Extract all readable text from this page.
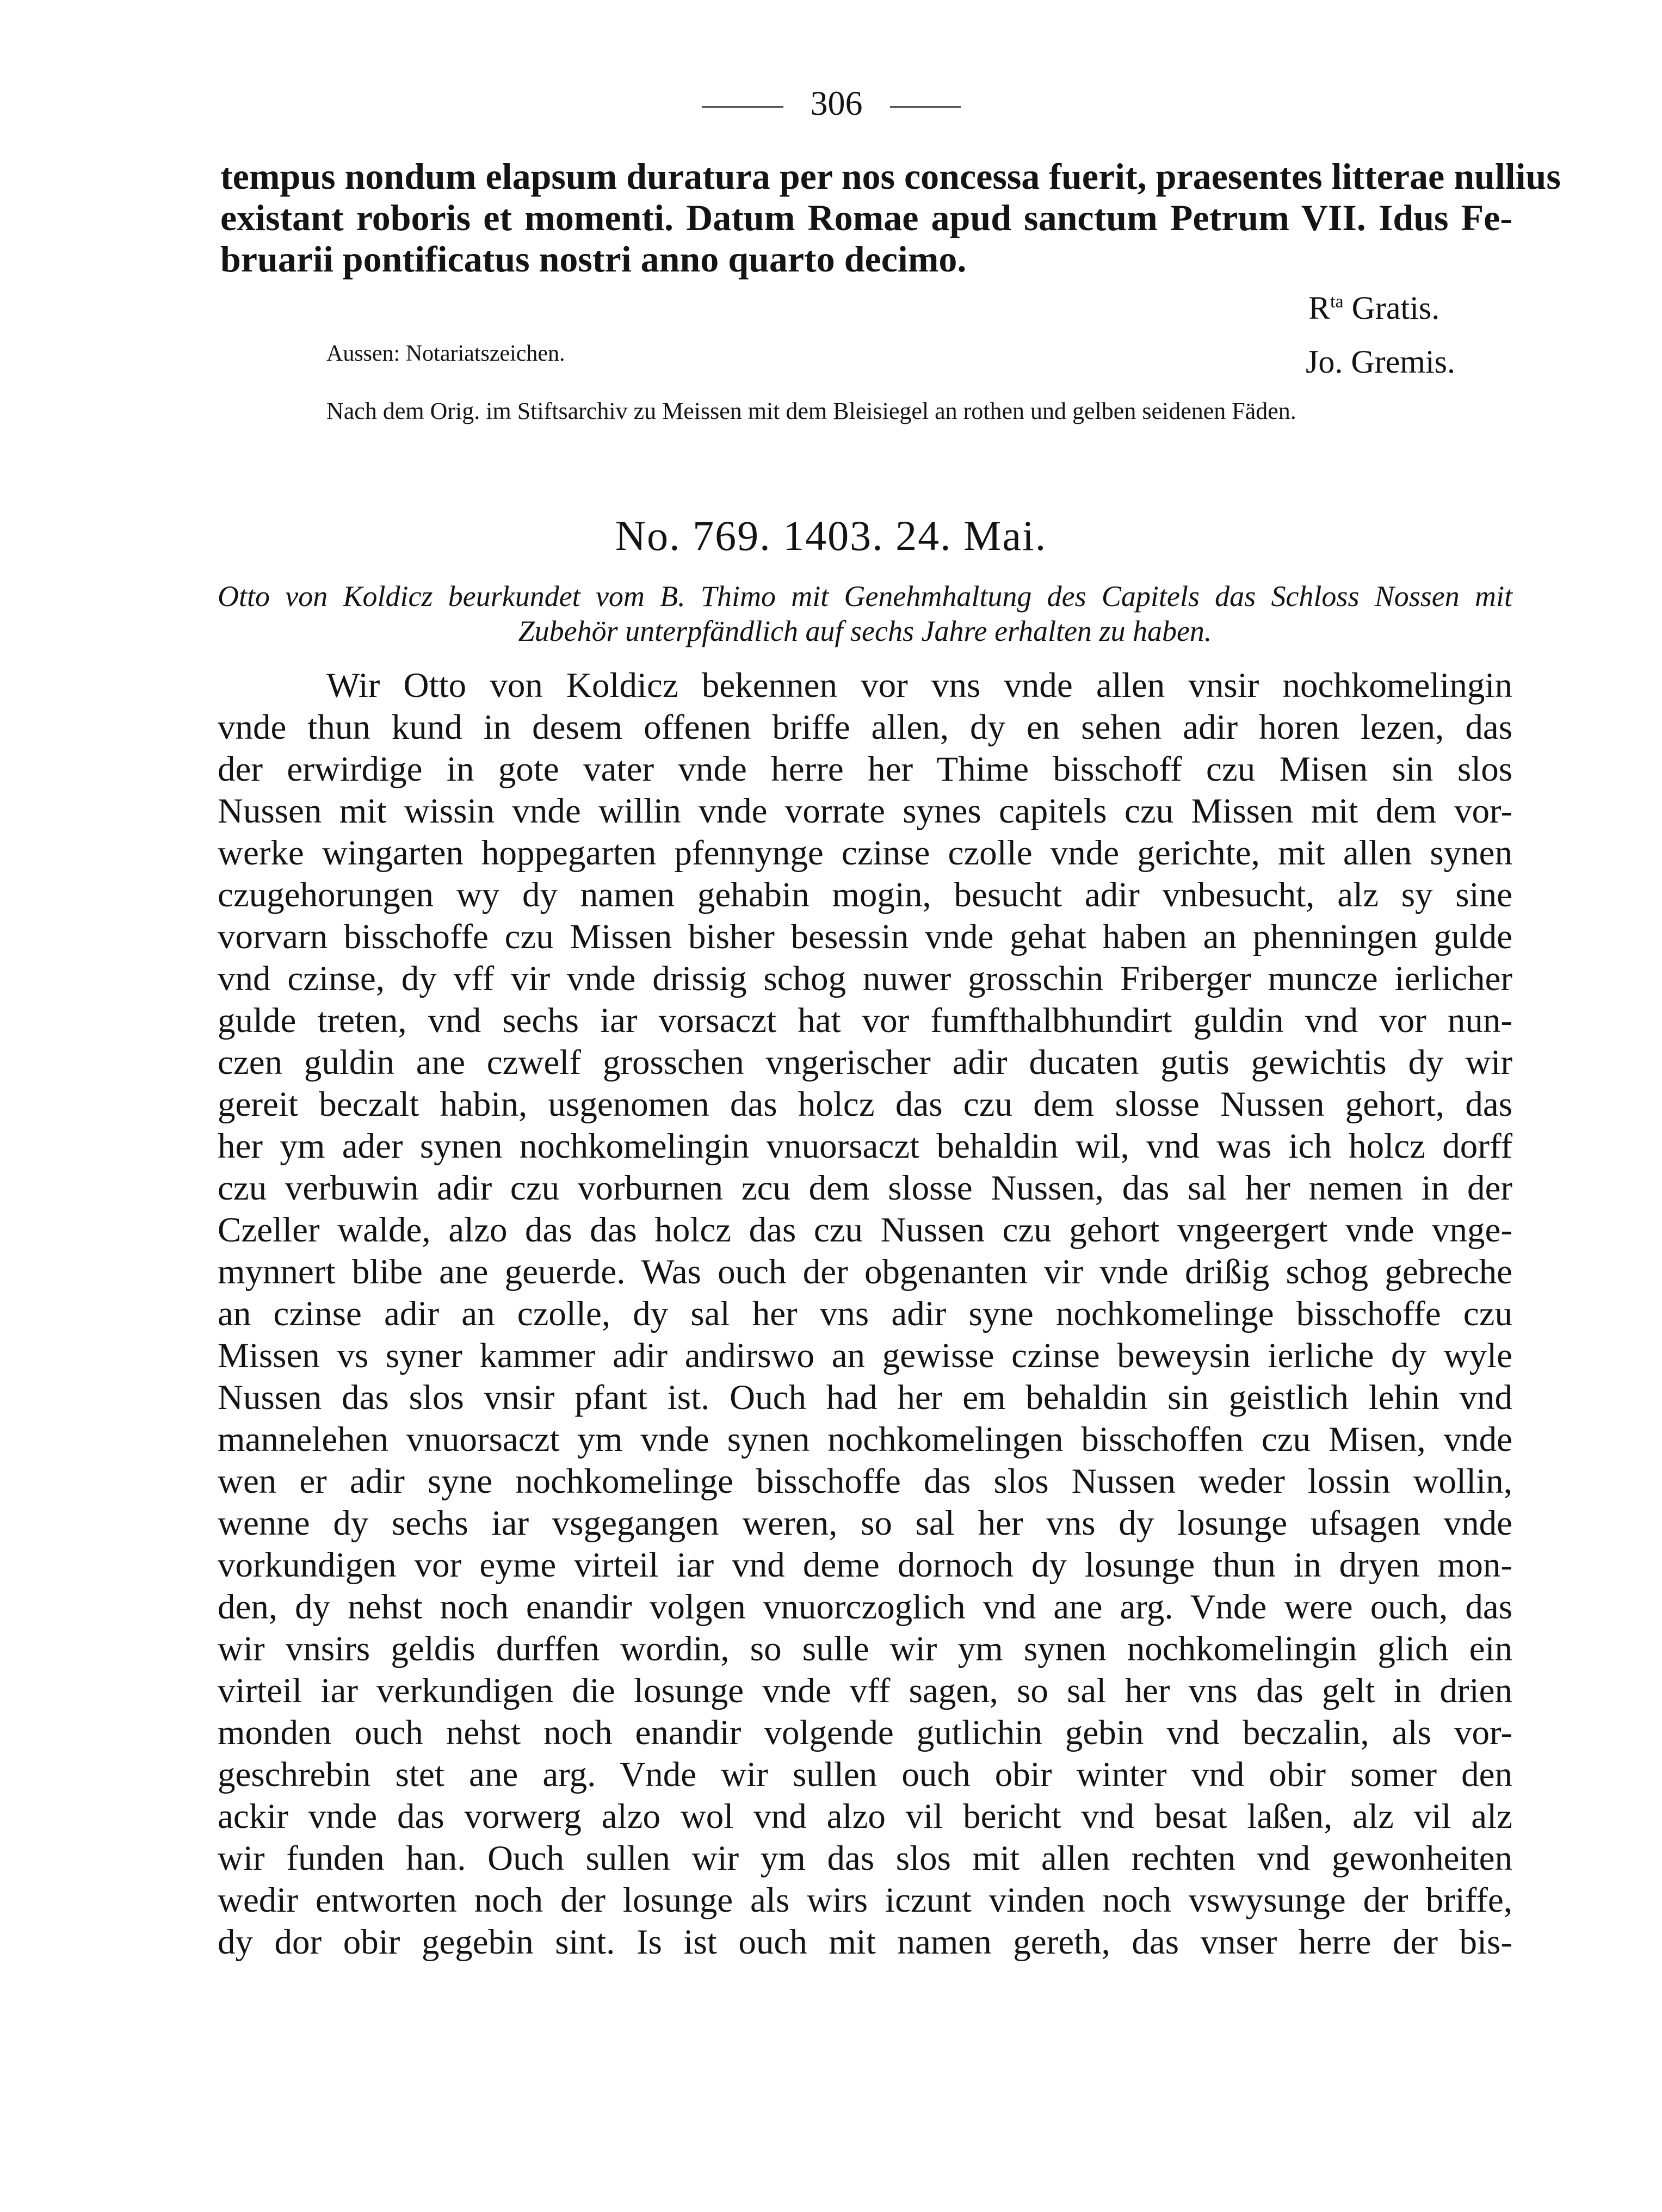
306
tempus nondum elapsum duratura per nos concessa fuerit, praesentes litterae nullius
existant roboris et momenti. Datum Romae apud sanctum Petrum VII. Idus Fe-
bruarii pontificatus nostri anno quarto decimo.
$R^{ta}$ Gratis.
Aussen: Notariatszeichen.	Jo. Gremis.
Nach dem Orig. im Stiftsarchiv zu Meissen mit dem Bleisiegel an rothen und gelben seidenen Fäden.
No. 769. 1403. 24. Mai.
Otto von Koldicz beurkundet vom B. Thimo mit Genehmhaltung des Capitels das Schloss Nossen mit
Zubehör unterpfändlich auf sechs Jahre erhalten zu haben.
Wir Otto von Koldicz bekennen vor vns vnde allen vnsir nochkomelingin
vnde thun kund in desem offenen briffe allen, dy en sehen adir horen lezen, das
der erwirdige in gote vater vnde herre her Thime bisschoff czu Misen sin slos
Nussen mit wissin vnde willin vnde vorrate synes capitels czu Missen mit dem vor-
werke wingarten hoppegarten pfennynge czinse czolle vnde gerichte, mit allen synen
czugehorungen wy dy namen gehabin mogin, besucht adir vnbesucht, alz sy sine
vorvarn bisschoffe czu Missen bisher besessin vnde gehat haben an phenningen gulde
vnd czinse, dy vff vir vnde drissig schog nuwer grosschin Friberger muncze ierlicher
gulde treten, vnd sechs iar vorsaczt hat vor fumfthalbhundirt guldin vnd vor nun-
czen guldin ane czwelf grosschen vngerischer adir ducaten gutis gewichtis dy wir
gereit beczalt habin, usgenomen das holcz das czu dem slosse Nussen gehort, das
her ym ader synen nochkomelingin vnuorsaczt behaldin wil, vnd was ich holcz dorff
czu verbuwin adir czu vorburnen zcu dem slosse Nussen, das sal her nemen in der
Czeller walde, alzo das das holcz das czu Nussen czu gehort vngeergert vnde vnge-
mynnert blibe ane geuerde. Was ouch der obgenanten vir vnde drißig schog gebreche
an czinse adir an czolle, dy sal her vns adir syne nochkomelinge bisschoffe czu
Missen vs syner kammer adir andirswo an gewisse czinse beweysin ierliche dy wyle
Nussen das slos vnsir pfant ist. Ouch had her em behaldin sin geistlich lehin vnd
mannelehen vnuorsaczt ym vnde synen nochkomelingen bisschoffen czu Misen, vnde
wen er adir syne nochkomelinge bisschoffe das slos Nussen weder lossin wollin,
wenne dy sechs iar vsgegangen weren, so sal her vns dy losunge ufsagen vnde
vorkundigen vor eyme virteil iar vnd deme dornoch dy losunge thun in dryen mon-
den, dy nehst noch enandir volgen vnuorczoglich vnd ane arg. Vnde were ouch, das
wir vnsirs geldis durffen wordin, so sulle wir ym synen nochkomelingin glich ein
virteil iar verkundigen die losunge vnde vff sagen, so sal her vns das gelt in drien
monden ouch nehst noch enandir volgende gutlichin gebin vnd beczalin, als vor-
geschrebin stet ane arg. Vnde wir sullen ouch obir winter vnd obir somer den
ackir vnde das vorwerg alzo wol vnd alzo vil bericht vnd besat laßen, alz vil alz
wir funden han. Ouch sullen wir ym das slos mit allen rechten vnd gewonheiten
wedir entworten noch der losunge als wirs iczunt vinden noch vswysunge der briffe,
dy dor obir gegebin sint. Is ist ouch mit namen gereth, das vnser herre der bis-
